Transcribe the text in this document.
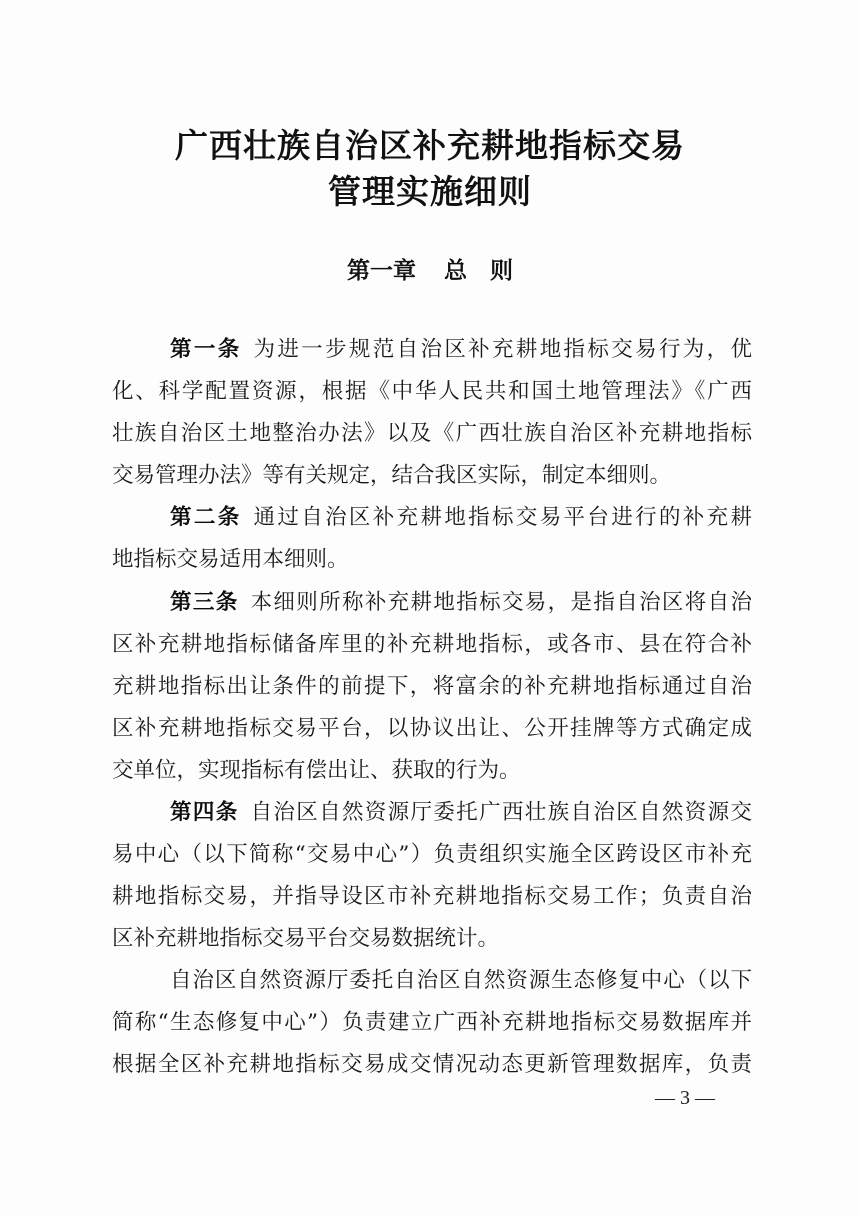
广西壮族自治区补充耕地指标交易
管理实施细则
第一章 总　则
第一条 为进一步规范自治区补充耕地指标交易行为，优
化、科学配置资源，根据《中华人民共和国土地管理法》《广西
壮族自治区土地整治办法》以及《广西壮族自治区补充耕地指标
交易管理办法》等有关规定，结合我区实际，制定本细则。
第二条 通过自治区补充耕地指标交易平台进行的补充耕
地指标交易适用本细则。
第三条 本细则所称补充耕地指标交易，是指自治区将自治
区补充耕地指标储备库里的补充耕地指标，或各市、县在符合补
充耕地指标出让条件的前提下，将富余的补充耕地指标通过自治
区补充耕地指标交易平台，以协议出让、公开挂牌等方式确定成
交单位，实现指标有偿出让、获取的行为。
第四条 自治区自然资源厅委托广西壮族自治区自然资源交
易中心（以下简称“交易中心”）负责组织实施全区跨设区市补充
耕地指标交易，并指导设区市补充耕地指标交易工作；负责自治
区补充耕地指标交易平台交易数据统计。
自治区自然资源厅委托自治区自然资源生态修复中心（以下
简称“生态修复中心”）负责建立广西补充耕地指标交易数据库并
根据全区补充耕地指标交易成交情况动态更新管理数据库，负责
— 3 —
